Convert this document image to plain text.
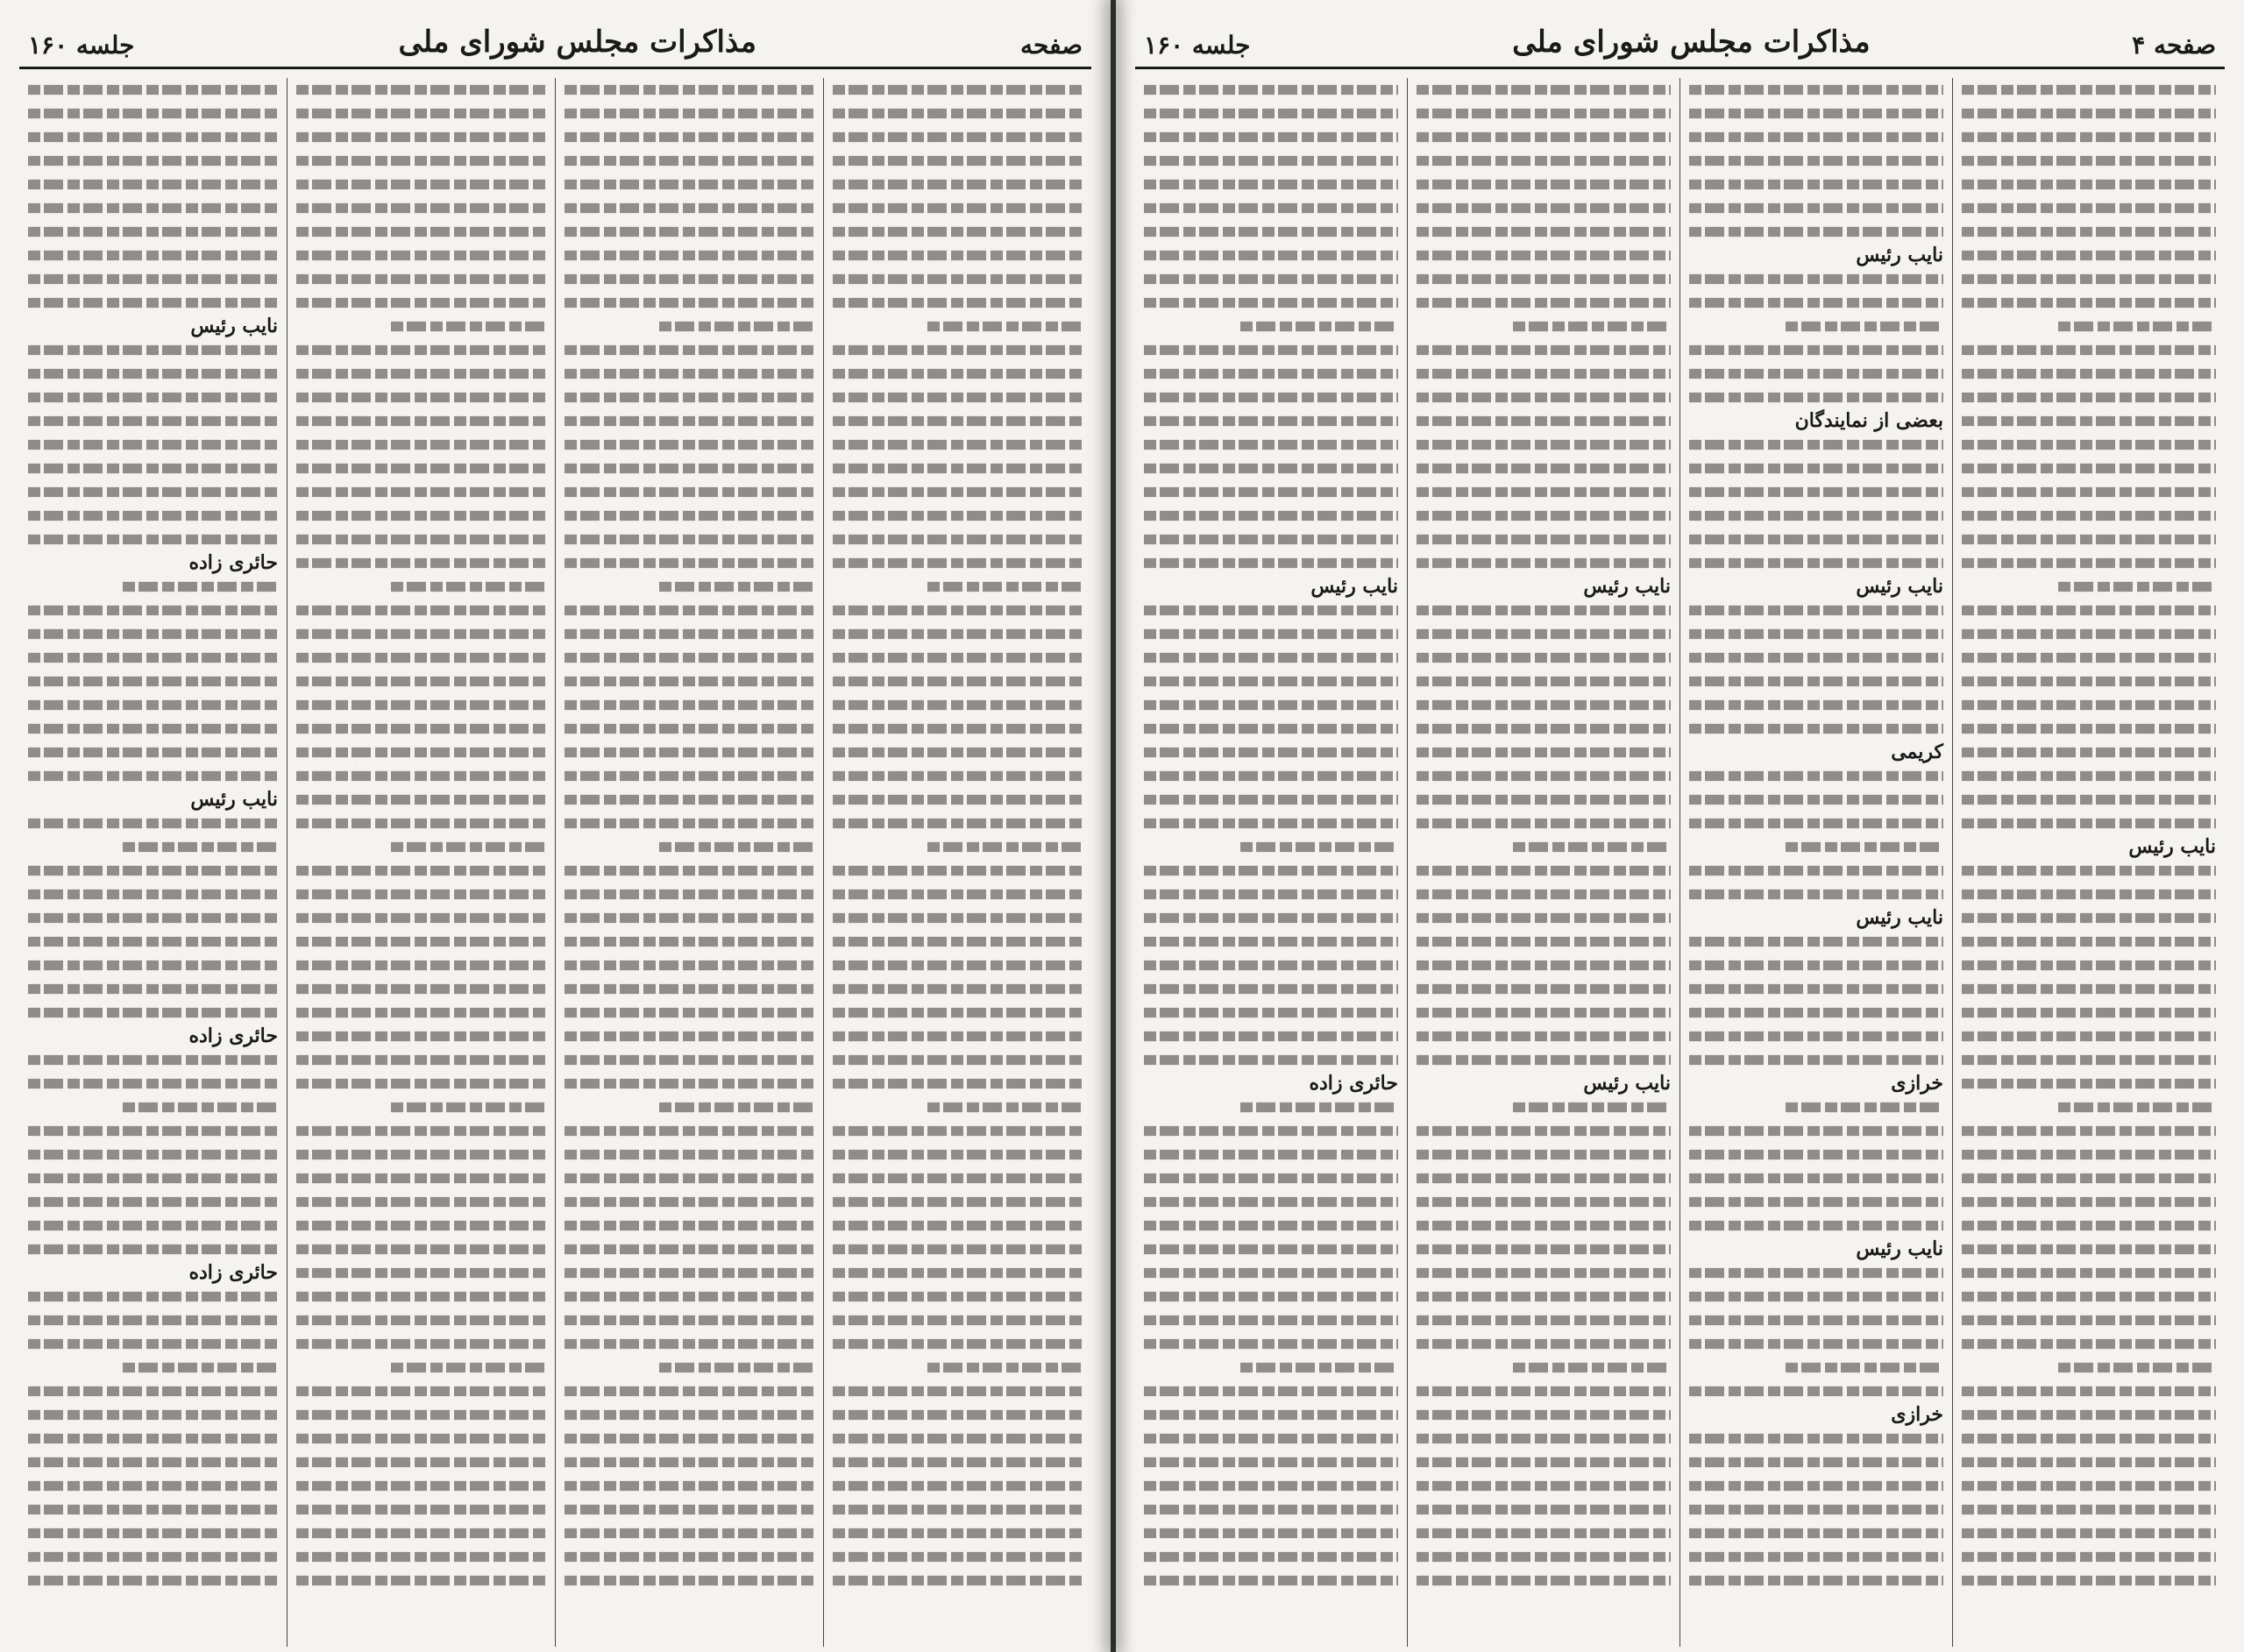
صفحه ۴
مذاکرات مجلس شورای ملی
جلسه ۱۶۰
نایب رئیس
نایب رئیس
بعضی از نمایندگان
نایب رئیس
کریمی
نایب رئیس
خرازی
نایب رئیس
خرازی
نایب رئیس
نایب رئیس
نایب رئیس
حائری زاده
صفحه
مذاکرات مجلس شورای ملی
جلسه ۱۶۰
نایب رئیس
حائری زاده
نایب رئیس
حائری زاده
حائری زاده
